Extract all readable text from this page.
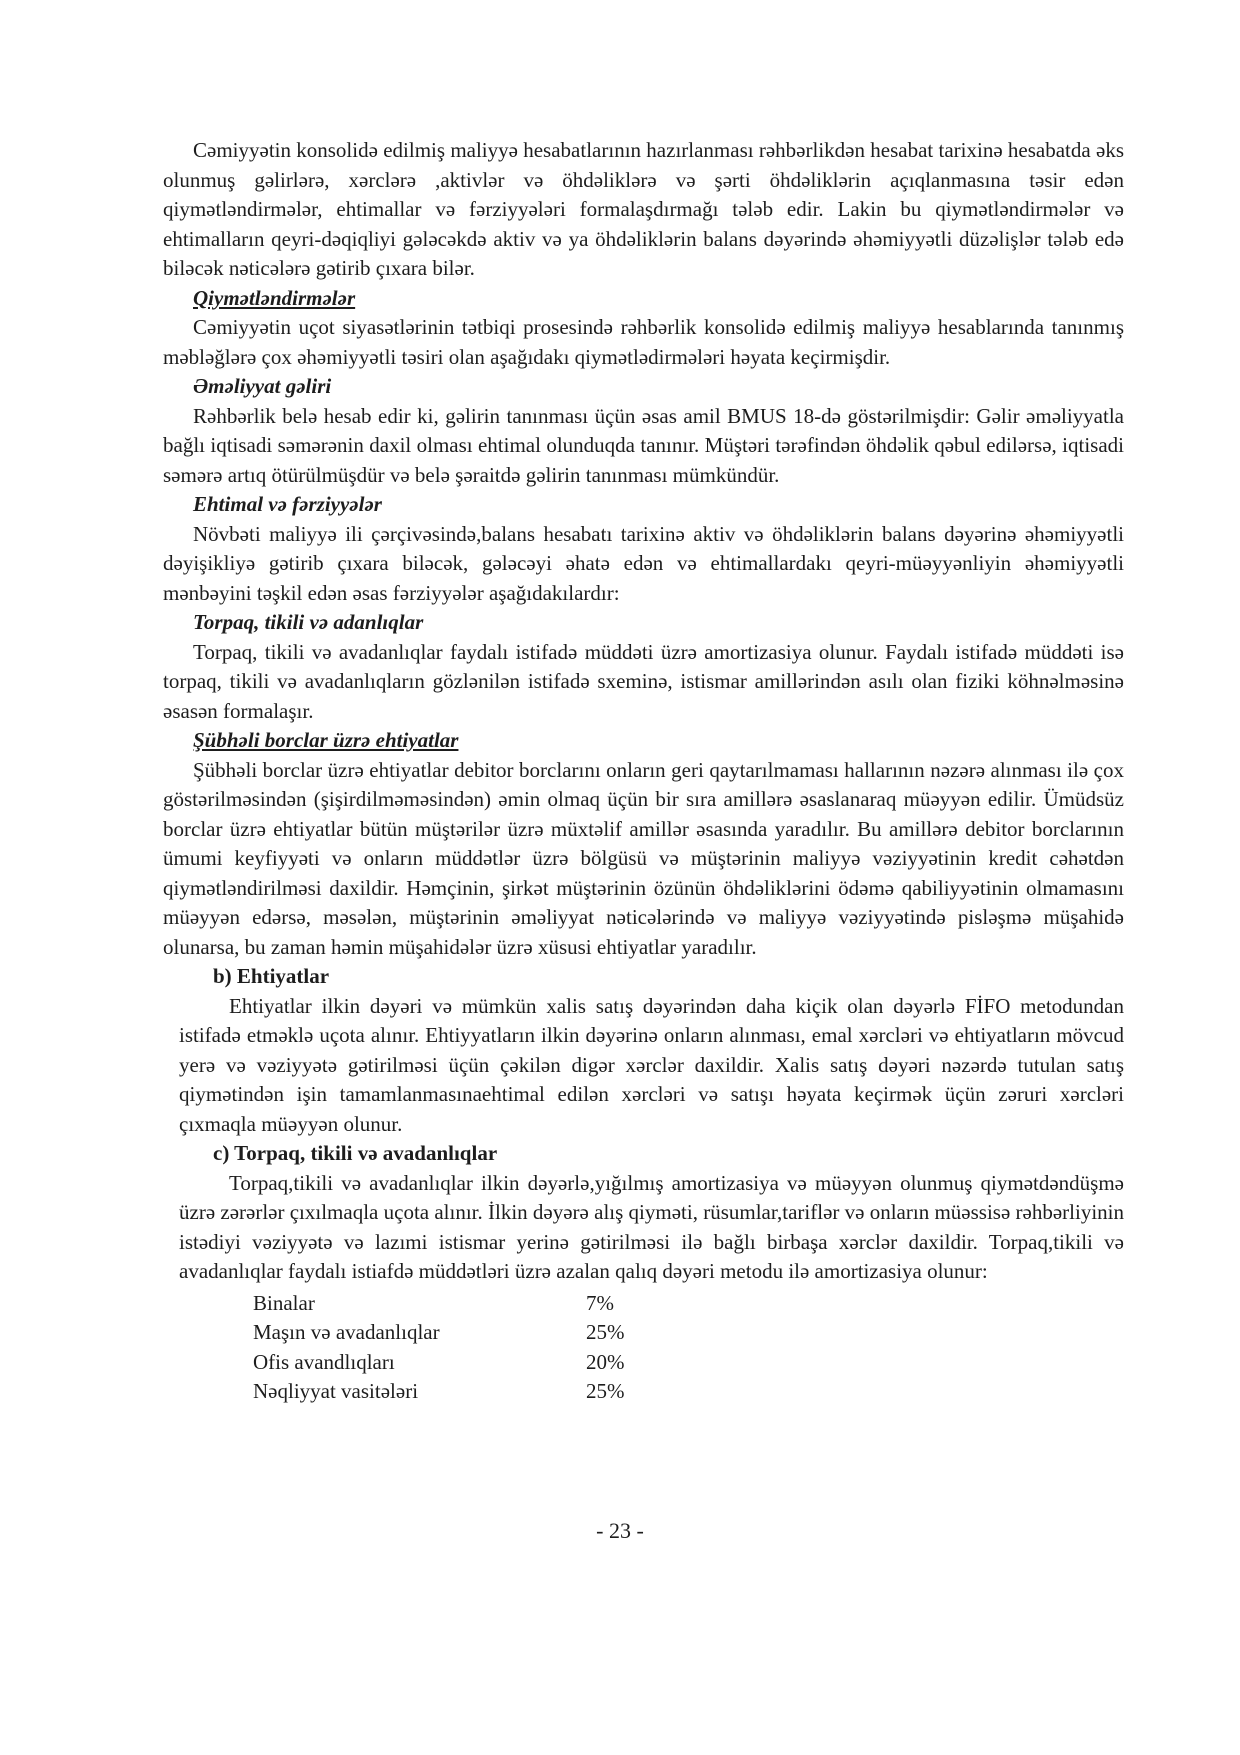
Cəmiyyətin konsolidə edilmiş maliyyə hesabatlarının hazırlanması rəhbərlikdən hesabat tarixinə hesabatda əks olunmuş gəlirlərə, xərclərə ,aktivlər və öhdəliklərə və şərti öhdəliklərin açıqlanmasına təsir edən qiymətləndirmələr, ehtimallar və fərziyyələri formalaşdırmağı tələb edir. Lakin bu qiymətləndirmələr və ehtimalların qeyri-dəqiqliyi gələcəkdə aktiv və ya öhdəliklərin balans dəyərində əhəmiyyətli düzəlişlər tələb edə biləcək nəticələrə gətirib çıxara bilər.

Qiymətləndirmələr

Cəmiyyətin uçot siyasətlərinin tətbiqi prosesində rəhbərlik konsolidə edilmiş maliyyə hesablarında tanınmış məbləğlərə çox əhəmiyyətli təsiri olan aşağıdakı qiymətlədirmələri həyata keçirmişdir.

Əməliyyat gəliri

Rəhbərlik belə hesab edir ki, gəlirin tanınması üçün əsas amil BMUS 18-də göstərilmişdir: Gəlir əməliyyatla bağlı iqtisadi səmərənin daxil olması ehtimal olunduqda tanınır. Müştəri tərəfindən öhdəlik qəbul edilərsə, iqtisadi səmərə artıq ötürülmüşdür və belə şəraitdə gəlirin tanınması mümkündür.

Ehtimal və fərziyyələr

Növbəti maliyyə ili çərçivəsində,balans hesabatı tarixinə aktiv və öhdəliklərin balans dəyərinə əhəmiyyətli dəyişikliyə gətirib çıxara biləcək, gələcəyi əhatə edən və ehtimallardakı qeyri-müəyyənliyin əhəmiyyətli mənbəyini təşkil edən əsas fərziyyələr aşağıdakılardır:

Torpaq, tikili və adanlıqlar

Torpaq, tikili və avadanlıqlar faydalı istifadə müddəti üzrə amortizasiya olunur. Faydalı istifadə müddəti isə torpaq, tikili və avadanlıqların gözlənilən istifadə sxeminə, istismar amillərindən asılı olan fiziki köhnəlməsinə əsasən formalaşır.

Şübhəli borclar üzrə ehtiyatlar

Şübhəli borclar üzrə ehtiyatlar debitor borclarını onların geri qaytarılmaması hallarının nəzərə alınması ilə çox göstərilməsindən (şişirdilməməsindən) əmin olmaq üçün bir sıra amillərə əsaslanaraq müəyyən edilir. Ümüdsüz borclar üzrə ehtiyatlar bütün müştərilər üzrə müxtəlif amillər əsasında yaradılır. Bu amillərə debitor borclarının ümumi keyfiyyəti və onların müddətlər üzrə bölgüsü və müştərinin maliyyə vəziyyətinin kredit cəhətdən qiymətləndirilməsi daxildir. Həmçinin, şirkət müştərinin özünün öhdəliklərini ödəmə qabiliyyətinin olmamasını müəyyən edərsə, məsələn, müştərinin əməliyyat nəticələrində və maliyyə vəziyyətində pisləşmə müşahidə olunarsa, bu zaman həmin müşahidələr üzrə xüsusi ehtiyatlar yaradılır.

b) Ehtiyatlar

Ehtiyatlar ilkin dəyəri və mümkün xalis satış dəyərindən daha kiçik olan dəyərlə FİFO metodundan istifadə etməklə uçota alınır. Ehtiyyatların ilkin dəyərinə onların alınması, emal xərcləri və ehtiyatların mövcud yerə və vəziyyətə gətirilməsi üçün çəkilən digər xərclər daxildir. Xalis satış dəyəri nəzərdə tutulan satış qiymətindən işin tamamlanmasınaehtimal edilən xərcləri və satışı həyata keçirmək üçün zəruri xərcləri çıxmaqla müəyyən olunur.

c) Torpaq, tikili və avadanlıqlar

Torpaq,tikili və avadanlıqlar ilkin dəyərlə,yığılmış amortizasiya və müəyyən olunmuş qiymətdəndüşmə üzrə zərərlər çıxılmaqla uçota alınır. İlkin dəyərə alış qiyməti, rüsumlar,tariflər və onların müəssisə rəhbərliyinin istədiyi vəziyyətə və lazımi istismar yerinə gətirilməsi ilə bağlı birbaşa xərclər daxildir. Torpaq,tikili və avadanlıqlar faydalı istiafdə müddətləri üzrə azalan qalıq dəyəri metodu ilə amortizasiya olunur:

Binalar	7%
Maşın və avadanlıqlar	25%
Ofis avandlıqları	20%
Nəqliyyat vasitələri	25%
- 23 -
